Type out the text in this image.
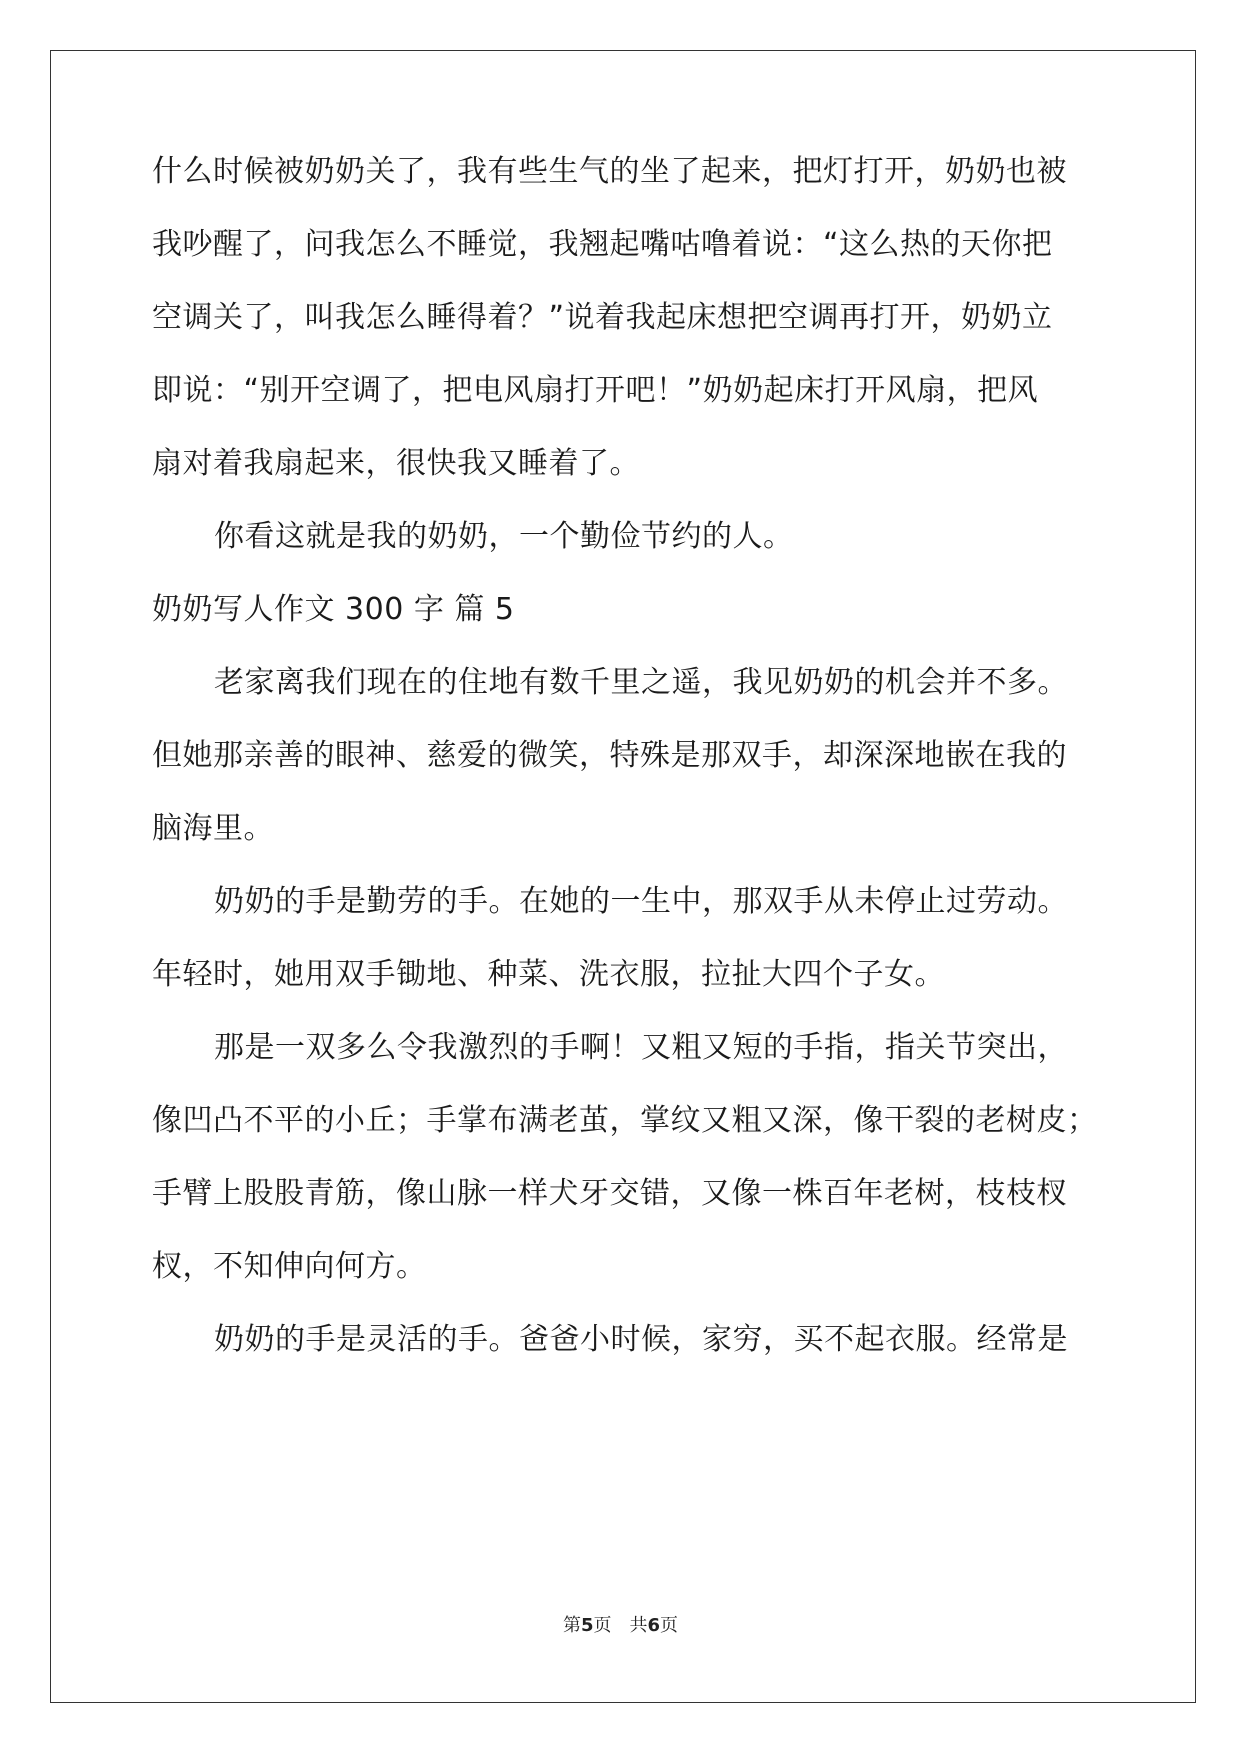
什么时候被奶奶关了，我有些生气的坐了起来，把灯打开，奶奶也被
我吵醒了，问我怎么不睡觉，我翘起嘴咕噜着说：“这么热的天你把
空调关了，叫我怎么睡得着？”说着我起床想把空调再打开，奶奶立
即说：“别开空调了，把电风扇打开吧！”奶奶起床打开风扇，把风
扇对着我扇起来，很快我又睡着了。
你看这就是我的奶奶，一个勤俭节约的人。
奶奶写人作文 300 字 篇 5
老家离我们现在的住地有数千里之遥，我见奶奶的机会并不多。
但她那亲善的眼神、慈爱的微笑，特殊是那双手，却深深地嵌在我的
脑海里。
奶奶的手是勤劳的手。在她的一生中，那双手从未停止过劳动。
年轻时，她用双手锄地、种菜、洗衣服，拉扯大四个子女。
那是一双多么令我激烈的手啊！又粗又短的手指，指关节突出，
像凹凸不平的小丘；手掌布满老茧，掌纹又粗又深，像干裂的老树皮；
手臂上股股青筋，像山脉一样犬牙交错，又像一株百年老树，枝枝杈
杈，不知伸向何方。
奶奶的手是灵活的手。爸爸小时候，家穷，买不起衣服。经常是
第5页 共6页
